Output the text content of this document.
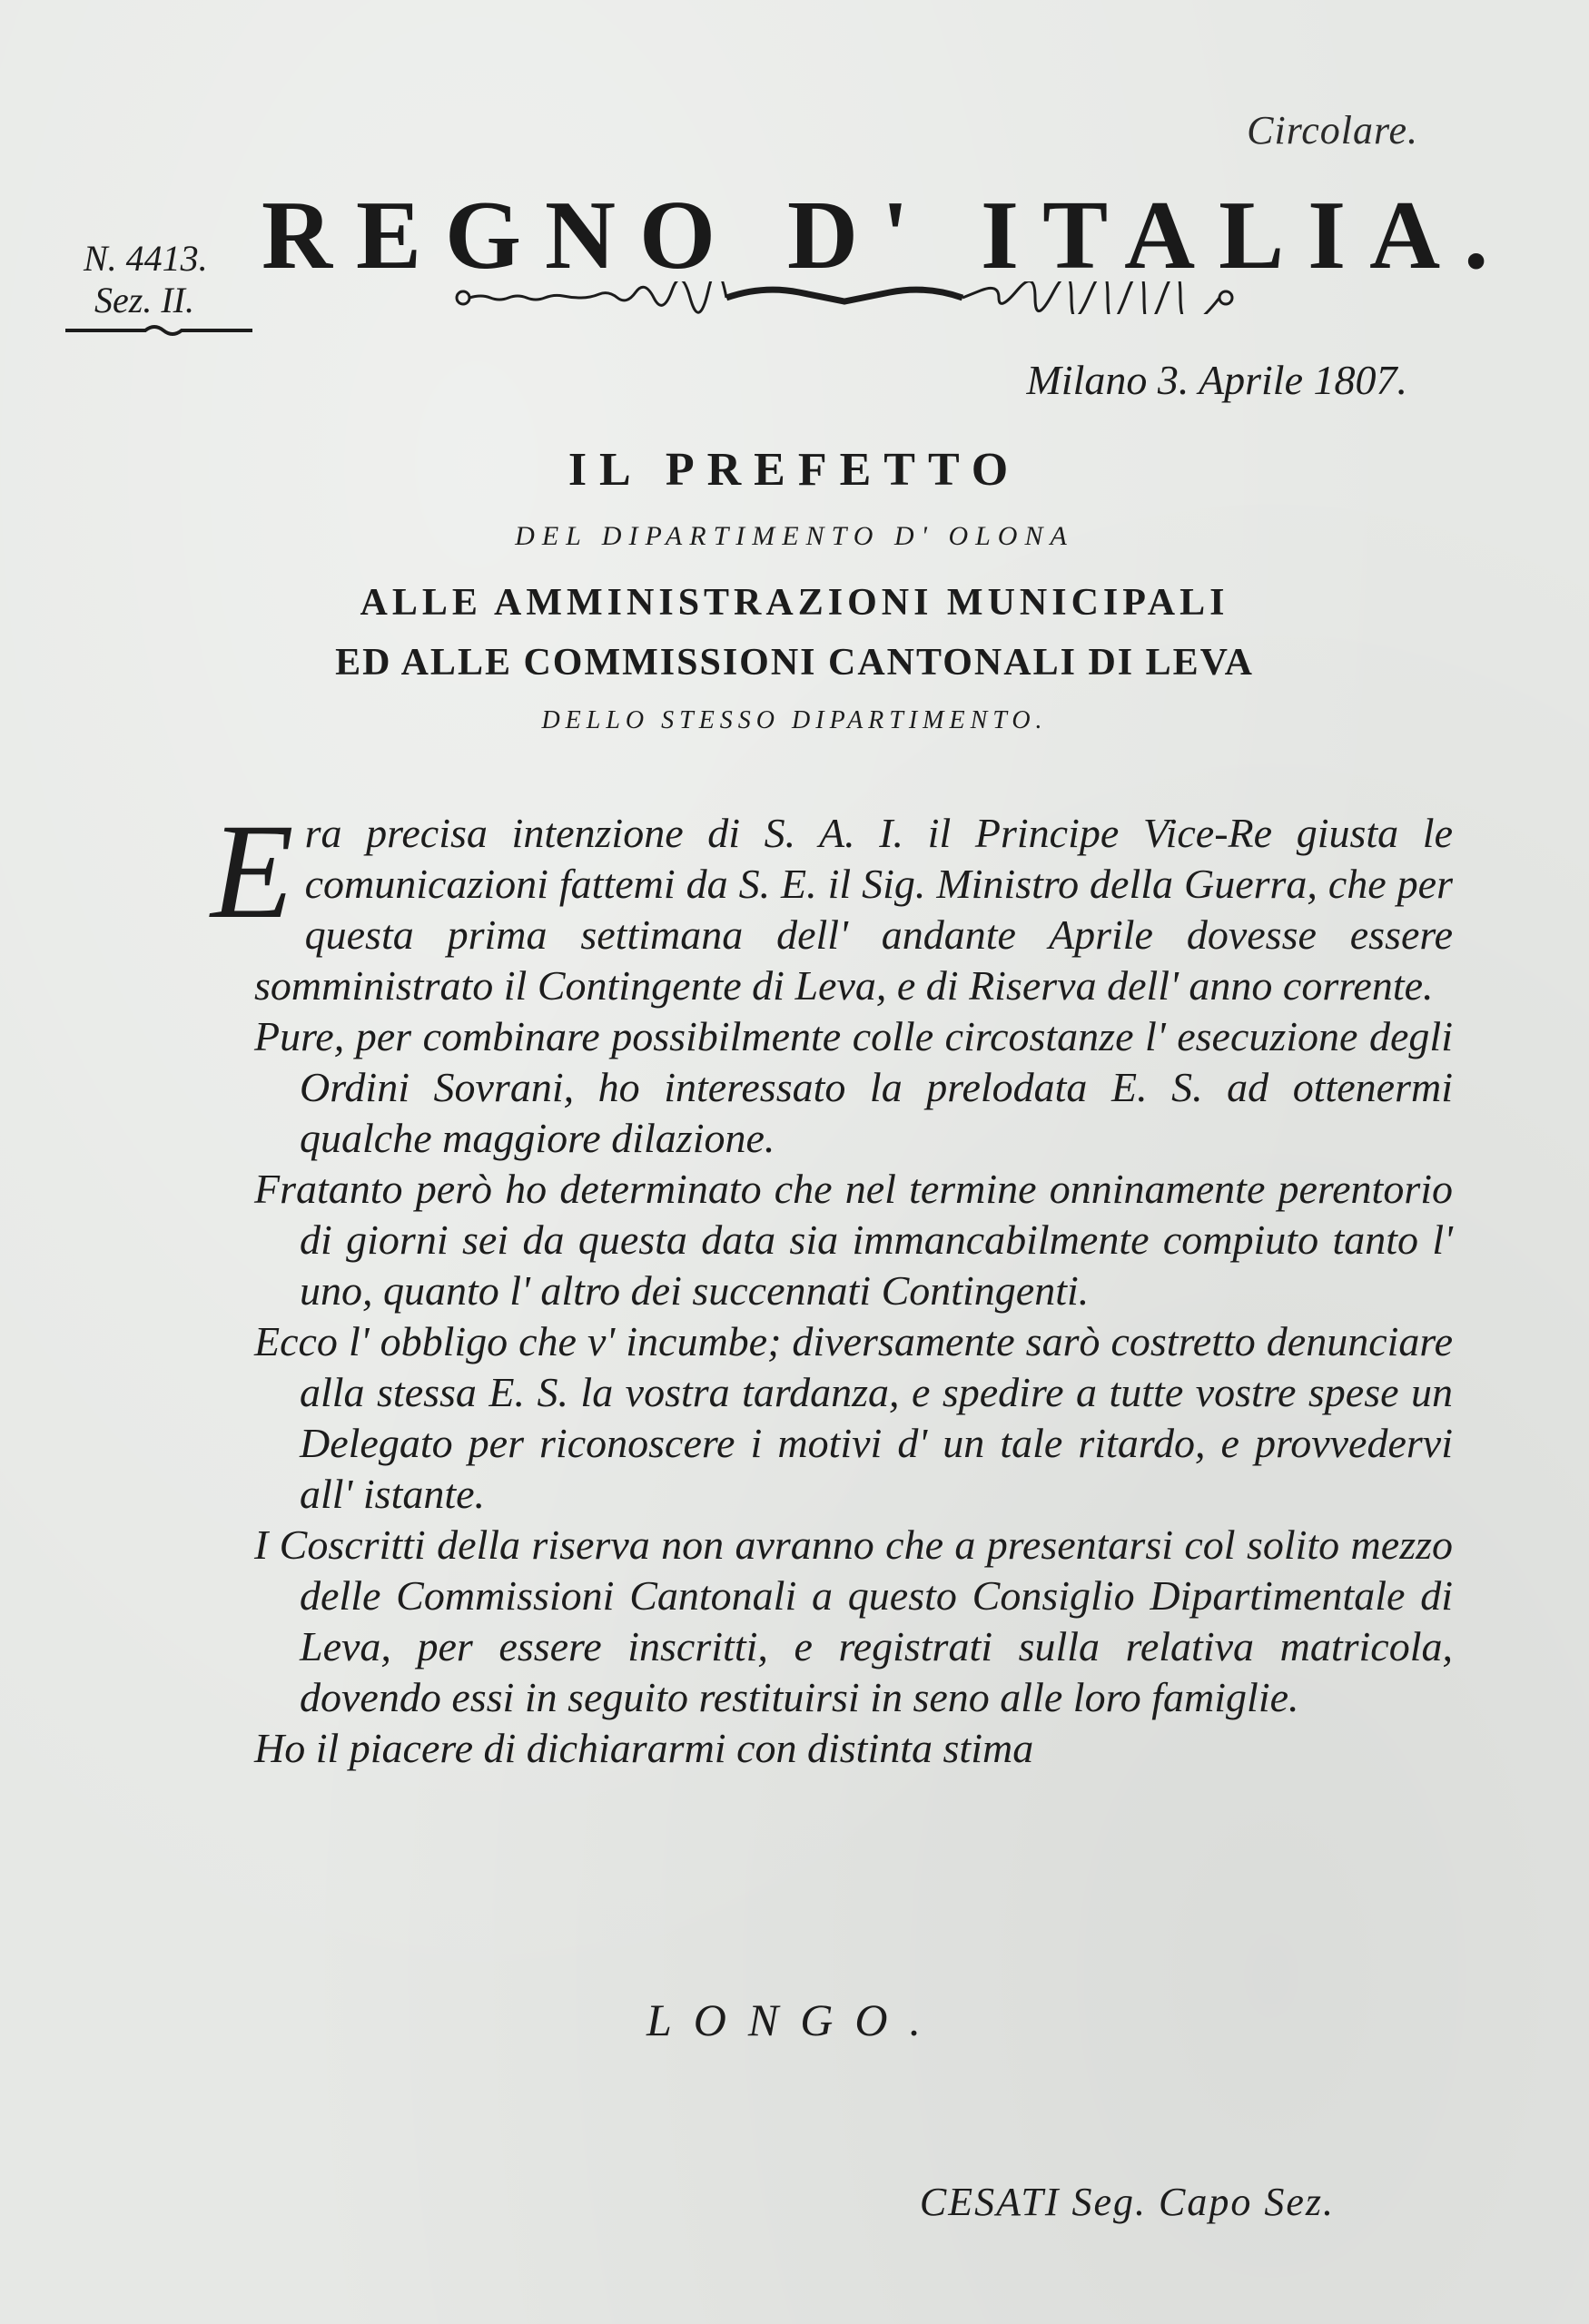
Circolare.
N. 4413.
Sez. II.
REGNO D' ITALIA.
Milano 3. Aprile 1807.
IL PREFETTO
DEL DIPARTIMENTO D' OLONA
ALLE AMMINISTRAZIONI MUNICIPALI
ED ALLE COMMISSIONI CANTONALI DI LEVA
DELLO STESSO DIPARTIMENTO.

Era precisa intenzione di S. A. I. il Principe Vice-Re giusta le comunicazioni fattemi da S. E. il Sig. Ministro della Guerra, che per questa prima settimana dell' andante Aprile dovesse essere somministrato il Contingente di Leva, e di Riserva dell' anno corrente.

Pure, per combinare possibilmente colle circostanze l' esecuzione degli Ordini Sovrani, ho interessato la prelodata E. S. ad ottenermi qualche maggiore dilazione.

Fratanto però ho determinato che nel termine onninamente perentorio di giorni sei da questa data sia immancabilmente compiuto tanto l' uno, quanto l' altro dei succennati Contingenti.

Ecco l' obbligo che v' incumbe; diversamente sarò costretto denunciare alla stessa E. S. la vostra tardanza, e spedire a tutte vostre spese un Delegato per riconoscere i motivi d' un tale ritardo, e provvedervi all' istante.

I Coscritti della riserva non avranno che a presentarsi col solito mezzo delle Commissioni Cantonali a questo Consiglio Dipartimentale di Leva, per essere inscritti, e registrati sulla relativa matricola, dovendo essi in seguito restituirsi in seno alle loro famiglie.

Ho il piacere di dichiararmi con distinta stima

LONGO.
CESATI Seg. Capo Sez.
